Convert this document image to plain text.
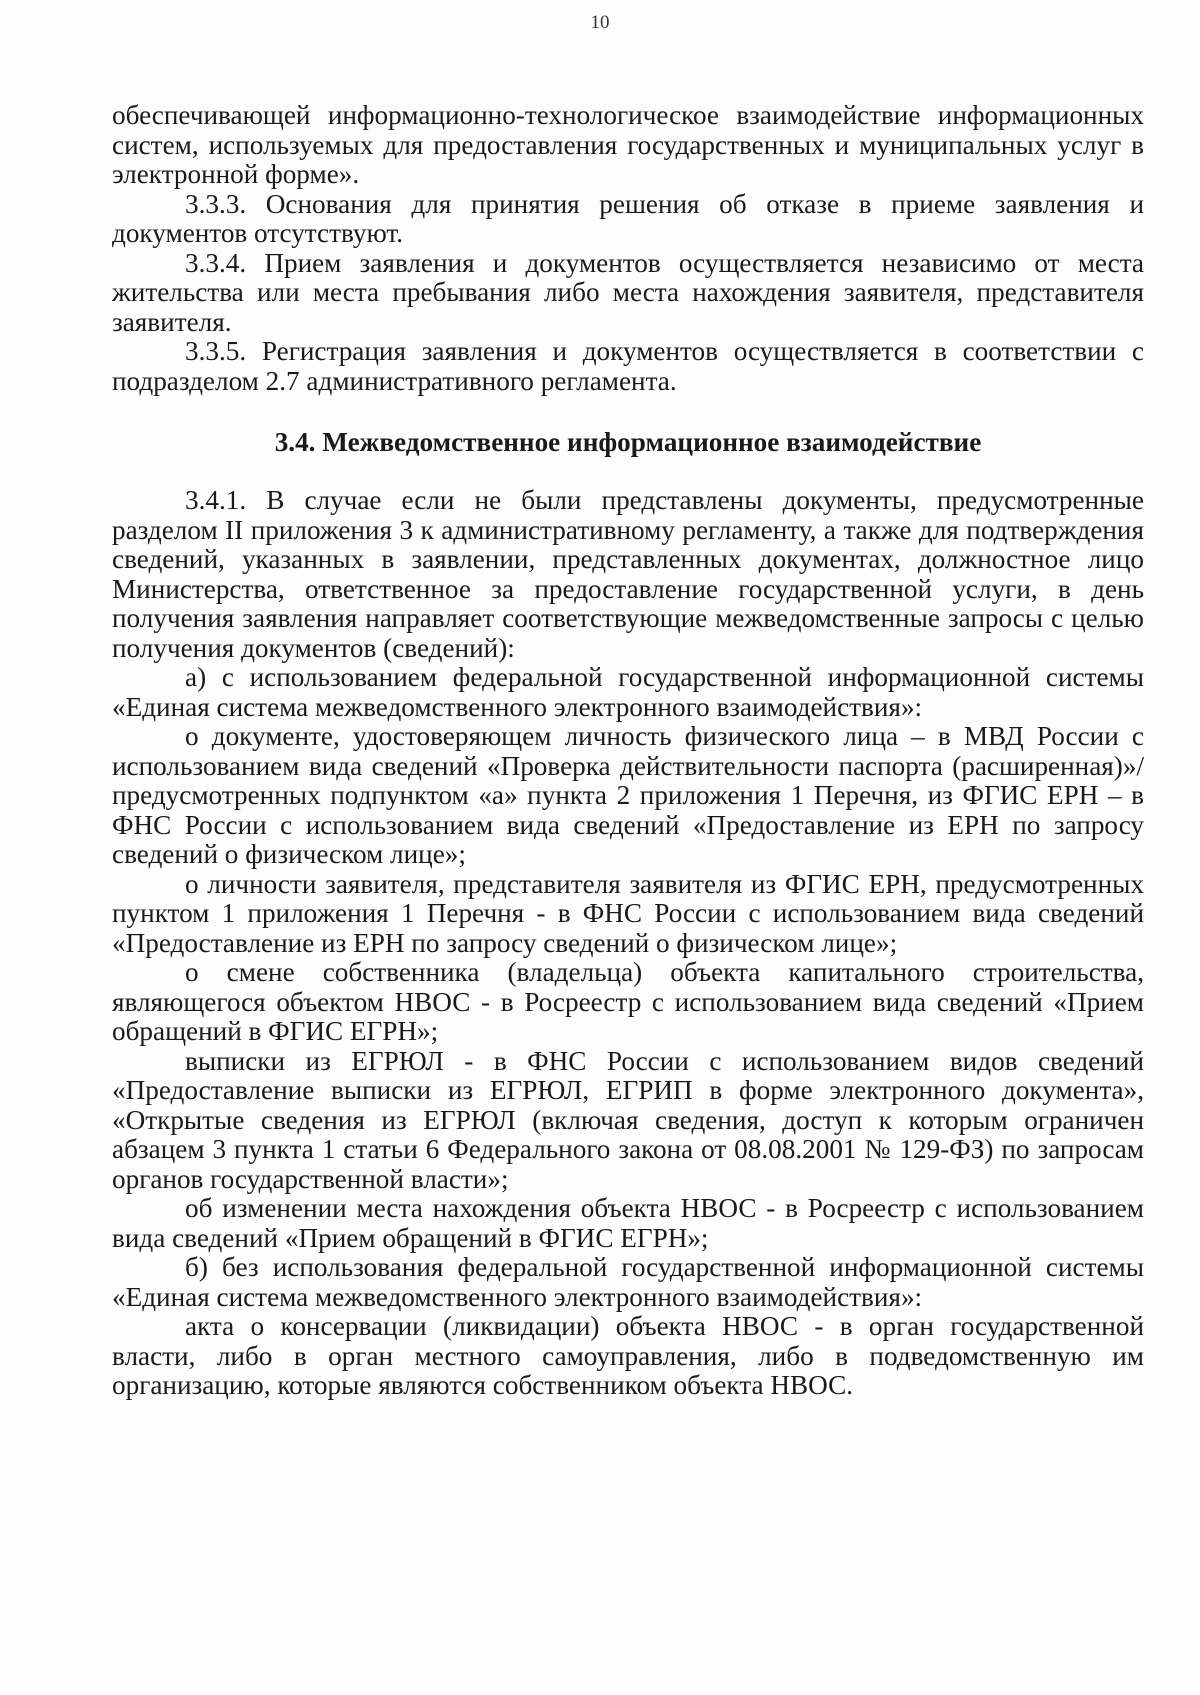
10

обеспечивающей информационно-технологическое взаимодействие информационных систем, используемых для предоставления государственных и муниципальных услуг в электронной форме».

3.3.3. Основания для принятия решения об отказе в приеме заявления и документов отсутствуют.

3.3.4. Прием заявления и документов осуществляется независимо от места жительства или места пребывания либо места нахождения заявителя, представителя заявителя.

3.3.5. Регистрация заявления и документов осуществляется в соответствии с подразделом 2.7 административного регламента.

3.4. Межведомственное информационное взаимодействие

3.4.1. В случае если не были представлены документы, предусмотренные разделом II приложения 3 к административному регламенту, а также для подтверждения сведений, указанных в заявлении, представленных документах, должностное лицо Министерства, ответственное за предоставление государственной услуги, в день получения заявления направляет соответствующие межведомственные запросы с целью получения документов (сведений):

а) с использованием федеральной государственной информационной системы «Единая система межведомственного электронного взаимодействия»:

о документе, удостоверяющем личность физического лица – в МВД России с использованием вида сведений «Проверка действительности паспорта (расширенная)»/предусмотренных подпунктом «а» пункта 2 приложения 1 Перечня, из ФГИС ЕРН – в ФНС России с использованием вида сведений «Предоставление из ЕРН по запросу сведений о физическом лице»;

о личности заявителя, представителя заявителя из ФГИС ЕРН, предусмотренных пунктом 1 приложения 1 Перечня - в ФНС России с использованием вида сведений «Предоставление из ЕРН по запросу сведений о физическом лице»;

о смене собственника (владельца) объекта капитального строительства, являющегося объектом НВОС - в Росреестр с использованием вида сведений «Прием обращений в ФГИС ЕГРН»;

выписки из ЕГРЮЛ - в ФНС России с использованием видов сведений «Предоставление выписки из ЕГРЮЛ, ЕГРИП в форме электронного документа», «Открытые сведения из ЕГРЮЛ (включая сведения, доступ к которым ограничен абзацем 3 пункта 1 статьи 6 Федерального закона от 08.08.2001 № 129-ФЗ) по запросам органов государственной власти»;

об изменении места нахождения объекта НВОС - в Росреестр с использованием вида сведений «Прием обращений в ФГИС ЕГРН»;

б) без использования федеральной государственной информационной системы «Единая система межведомственного электронного взаимодействия»:

акта о консервации (ликвидации) объекта НВОС - в орган государственной власти, либо в орган местного самоуправления, либо в подведомственную им организацию, которые являются собственником объекта НВОС.
